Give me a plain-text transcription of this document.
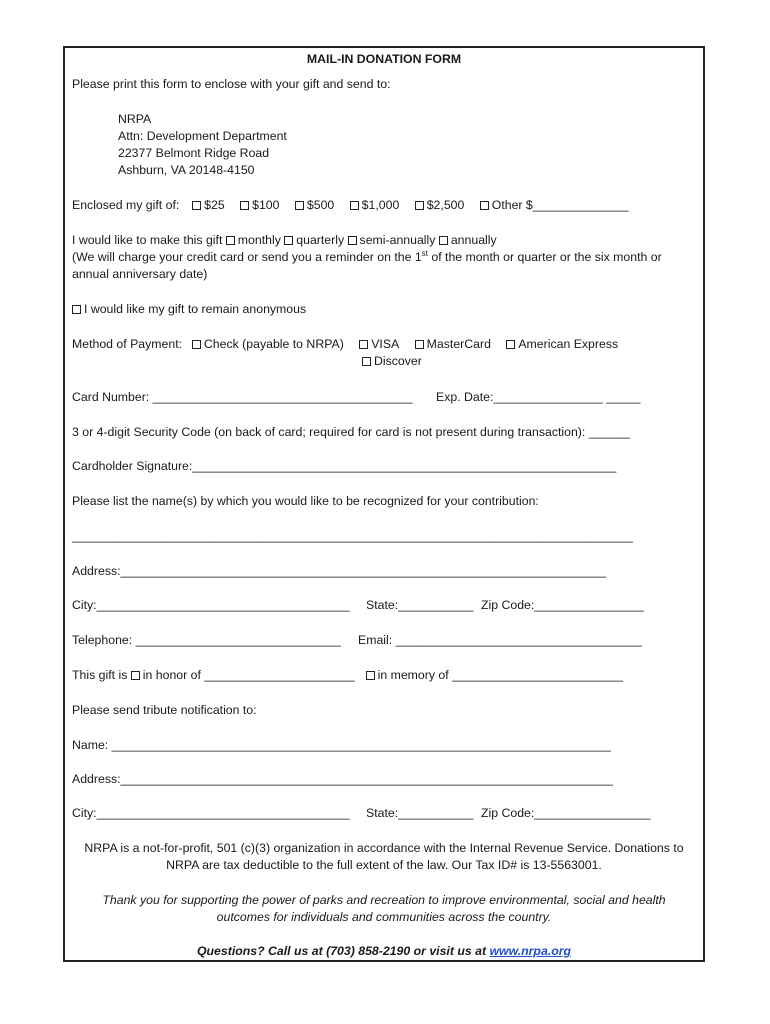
MAIL-IN DONATION FORM
Please print this form to enclose with your gift and send to:
NRPA
Attn: Development Department
22377 Belmont Ridge Road
Ashburn, VA 20148-4150
Enclosed my gift of: $25 $100 $500 $1,000 $2,500 Other $______________
I would like to make this gift monthly quarterly semi-annually annually
(We will charge your credit card or send you a reminder on the 1st of the month or quarter or the six month or
annual anniversary date)
I would like my gift to remain anonymous
Method of Payment: Check (payable to NRPA) VISA MasterCard American Express
Discover
Card Number: ______________________________________ Exp. Date:________________ _____
3 or 4-digit Security Code (on back of card; required for card is not present during transaction): ______
Cardholder Signature:______________________________________________________________
Please list the name(s) by which you would like to be recognized for your contribution:
__________________________________________________________________________________
Address:_______________________________________________________________________
City:_____________________________________ State:___________ Zip Code:________________
Telephone: ______________________________ Email: ____________________________________
This gift is in honor of ______________________ in memory of _________________________
Please send tribute notification to:
Name: _________________________________________________________________________
Address:________________________________________________________________________
City:_____________________________________ State:___________ Zip Code:_________________
NRPA is a not-for-profit, 501 (c)(3) organization in accordance with the Internal Revenue Service. Donations to
NRPA are tax deductible to the full extent of the law. Our Tax ID# is 13-5563001.
Thank you for supporting the power of parks and recreation to improve environmental, social and health
outcomes for individuals and communities across the country.
Questions? Call us at (703) 858-2190 or visit us at www.nrpa.org
